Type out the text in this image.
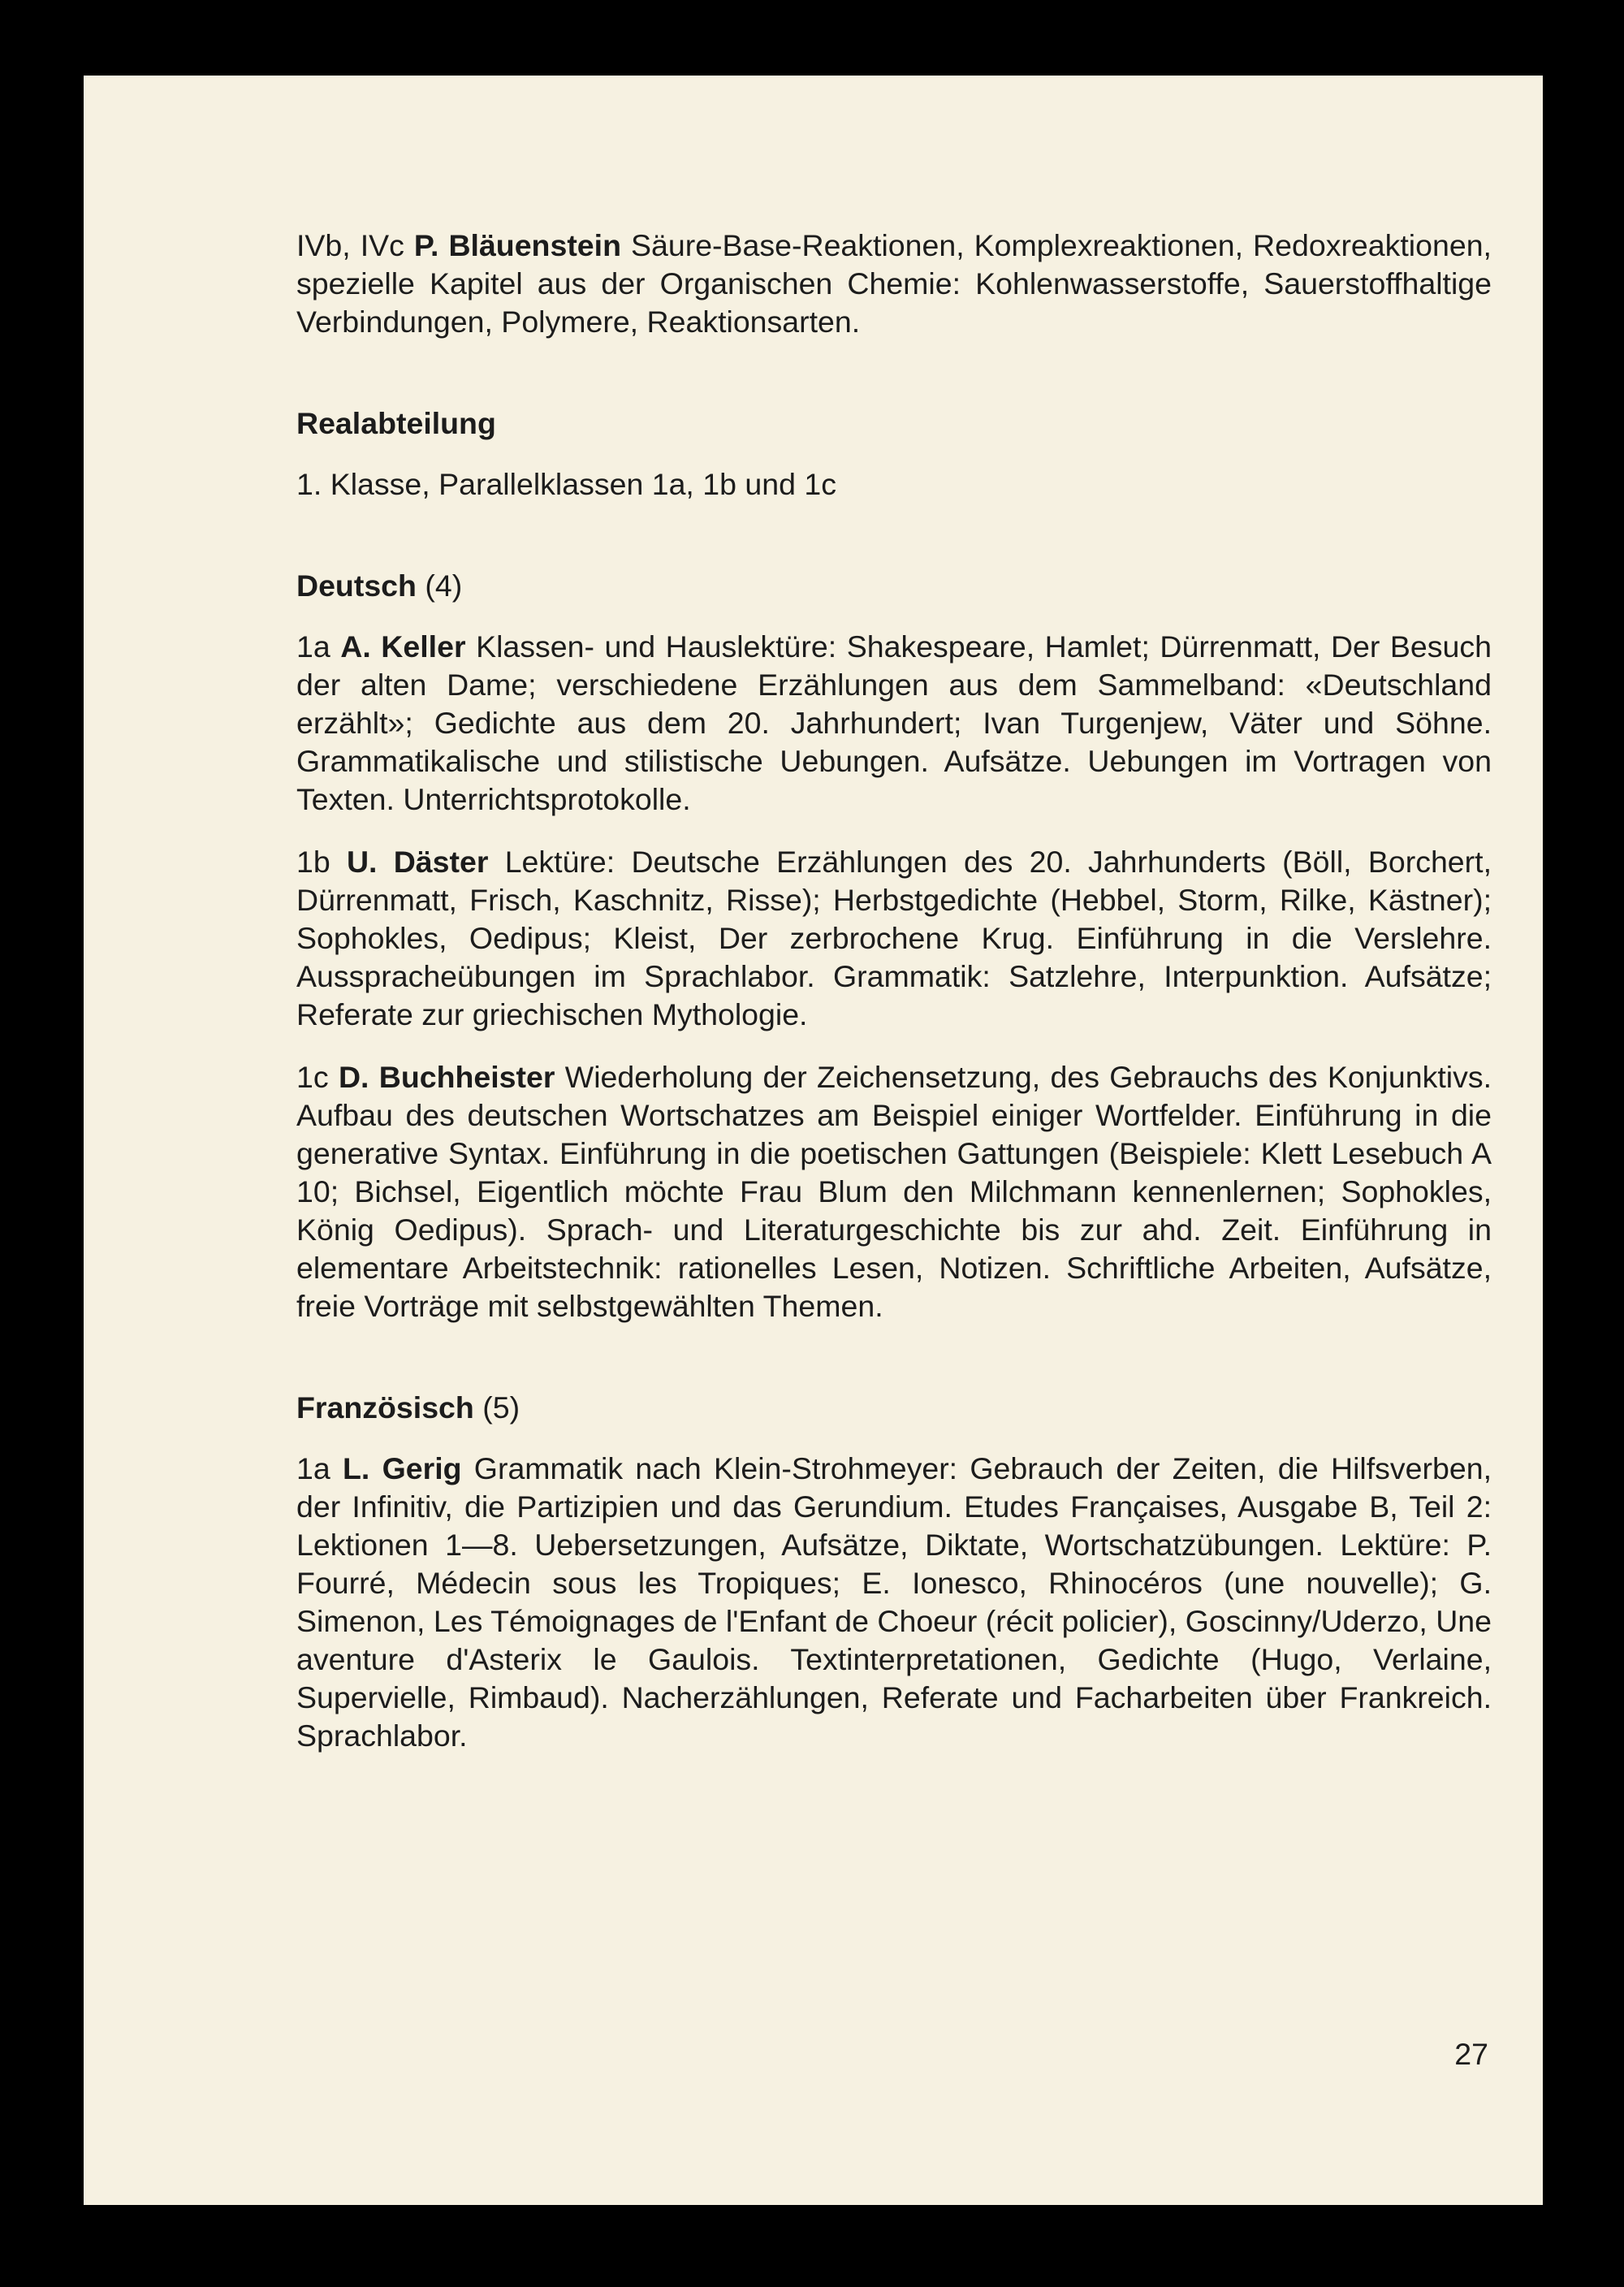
IVb, IVc P. Bläuenstein Säure-Base-Reaktionen, Komplexreaktionen, Redoxreaktionen, spezielle Kapitel aus der Organischen Chemie: Kohlenwasserstoffe, Sauerstoffhaltige Verbindungen, Polymere, Reaktionsarten.

Realabteilung

1. Klasse, Parallelklassen 1a, 1b und 1c

Deutsch (4)

1a A. Keller Klassen- und Hauslektüre: Shakespeare, Hamlet; Dürrenmatt, Der Besuch der alten Dame; verschiedene Erzählungen aus dem Sammelband: «Deutschland erzählt»; Gedichte aus dem 20. Jahrhundert; Ivan Turgenjew, Väter und Söhne. Grammatikalische und stilistische Uebungen. Aufsätze. Uebungen im Vortragen von Texten. Unterrichtsprotokolle.

1b U. Däster Lektüre: Deutsche Erzählungen des 20. Jahrhunderts (Böll, Borchert, Dürrenmatt, Frisch, Kaschnitz, Risse); Herbstgedichte (Hebbel, Storm, Rilke, Kästner); Sophokles, Oedipus; Kleist, Der zerbrochene Krug. Einführung in die Verslehre. Ausspracheübungen im Sprachlabor. Grammatik: Satzlehre, Interpunktion. Aufsätze; Referate zur griechischen Mythologie.

1c D. Buchheister Wiederholung der Zeichensetzung, des Gebrauchs des Konjunktivs. Aufbau des deutschen Wortschatzes am Beispiel einiger Wortfelder. Einführung in die generative Syntax. Einführung in die poetischen Gattungen (Beispiele: Klett Lesebuch A 10; Bichsel, Eigentlich möchte Frau Blum den Milchmann kennenlernen; Sophokles, König Oedipus). Sprach- und Literaturgeschichte bis zur ahd. Zeit. Einführung in elementare Arbeitstechnik: rationelles Lesen, Notizen. Schriftliche Arbeiten, Aufsätze, freie Vorträge mit selbstgewählten Themen.

Französisch (5)

1a L. Gerig Grammatik nach Klein-Strohmeyer: Gebrauch der Zeiten, die Hilfsverben, der Infinitiv, die Partizipien und das Gerundium. Etudes Françaises, Ausgabe B, Teil 2: Lektionen 1—8. Uebersetzungen, Aufsätze, Diktate, Wortschatzübungen. Lektüre: P. Fourré, Médecin sous les Tropiques; E. Ionesco, Rhinocéros (une nouvelle); G. Simenon, Les Témoignages de l'Enfant de Choeur (récit policier), Goscinny/Uderzo, Une aventure d'Asterix le Gaulois. Textinterpretationen, Gedichte (Hugo, Verlaine, Supervielle, Rimbaud). Nacherzählungen, Referate und Facharbeiten über Frankreich. Sprachlabor.

27
